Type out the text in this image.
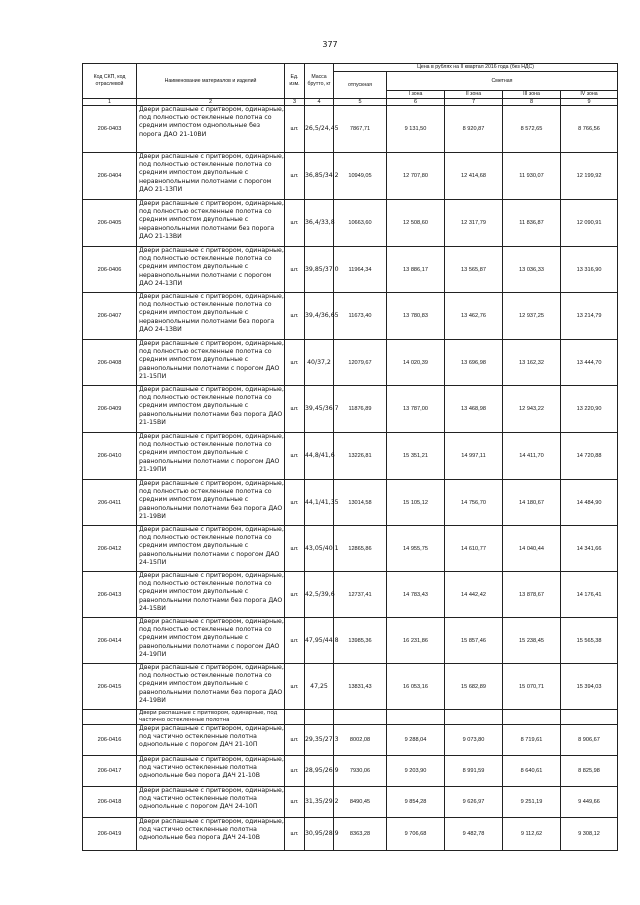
377
Код СКП, код отраслевой	Наименование материалов и изделий	Ед. изм.	Масса брутто, кг	Цена в рублях на II квартал 2016 года (без НДС)				
				отпускная	Сметная			
					I зона	II зона	III зона	IV зона
1	2	3	4	5	6	7	8	9
206-0403	Двери распашные с притвором, одинарные, под полностью остекленные полотна со средним импостом однопольные без порога ДАО 21-10ВИ	шт.	26,5/24,45	7867,71	9 131,50	8 920,87	8 572,65	8 766,56
206-0404	Двери распашные с притвором, одинарные, под полностью остекленные полотна со средним импостом двупольные с неравнопольными полотнами с порогом ДАО 21-13ПИ	шт.	36,85/34,2	10949,05	12 707,80	12 414,68	11 930,07	12 199,92
206-0405	Двери распашные с притвором, одинарные, под полностью остекленные полотна со средним импостом двупольные с неравнопольными полотнами без порога ДАО 21-13ВИ	шт.	36,4/33,8	10663,60	12 508,60	12 317,79	11 836,87	12 090,91
206-0406	Двери распашные с притвором, одинарные, под полностью остекленные полотна со средним импостом двупольные с неравнопольными полотнами с порогом ДАО 24-13ПИ	шт.	39,85/37,0	11964,34	13 886,17	13 565,87	13 036,33	13 316,90
206-0407	Двери распашные с притвором, одинарные, под полностью остекленные полотна со средним импостом двупольные с неравнопольными полотнами без порога ДАО 24-13ВИ	шт.	39,4/36,65	11673,40	13 780,83	13 462,76	12 937,25	13 214,79
206-0408	Двери распашные с притвором, одинарные, под полностью остекленные полотна со средним импостом двупольные с равнопольными полотнами с порогом ДАО 21-15ПИ	шт.	40/37,2	12079,67	14 020,39	13 696,98	13 162,32	13 444,70
206-0409	Двери распашные с притвором, одинарные, под полностью остекленные полотна со средним импостом двупольные с равнопольными полотнами без порога ДАО 21-15ВИ	шт.	39,45/36,7	11876,89	13 787,00	13 468,98	12 943,22	13 220,90
206-0410	Двери распашные с притвором, одинарные, под полностью остекленные полотна со средним импостом двупольные с равнопольными полотнами с порогом ДАО 21-19ПИ	шт.	44,8/41,6	13226,81	15 351,21	14 997,11	14 411,70	14 720,88
206-0411	Двери распашные с притвором, одинарные, под полностью остекленные полотна со средним импостом двупольные с равнопольными полотнами без порога ДАО 21-19ВИ	шт.	44,1/41,35	13014,58	15 105,12	14 756,70	14 180,67	14 484,90
206-0412	Двери распашные с притвором, одинарные, под полностью остекленные полотна со средним импостом двупольные с равнопольными полотнами с порогом ДАО 24-15ПИ	шт.	43,05/40,1	12865,86	14 955,75	14 610,77	14 040,44	14 341,66
206-0413	Двери распашные с притвором, одинарные, под полностью остекленные полотна со средним импостом двупольные с равнопольными полотнами без порога ДАО 24-15ВИ	шт.	42,5/39,6	12737,41	14 783,43	14 442,42	13 878,67	14 176,41
206-0414	Двери распашные с притвором, одинарные, под полностью остекленные полотна со средним импостом двупольные с равнопольными полотнами с порогом ДАО 24-19ПИ	шт.	47,95/44,8	13985,36	16 231,86	15 857,46	15 238,45	15 565,38
206-0415	Двери распашные с притвором, одинарные, под полностью остекленные полотна со средним импостом двупольные с равнопольными полотнами без порога ДАО 24-19ВИ	шт.	47,25	13831,43	16 053,16	15 682,89	15 070,71	15 394,03
	Двери распашные с притвором, одинарные, под частично остекленные полотна							
206-0416	Двери распашные с притвором, одинарные, под частично остекленные полотна однопольные с порогом ДАЧ 21-10П	шт.	29,35/27,3	8002,08	9 288,04	9 073,80	8 719,61	8 906,67
206-0417	Двери распашные с притвором, одинарные, под частично остекленные полотна однопольные без порога ДАЧ 21-10В	шт.	28,95/26,9	7930,06	9 203,90	8 991,59	8 640,61	8 825,98
206-0418	Двери распашные с притвором, одинарные, под частично остекленные полотна однопольные с порогом ДАЧ 24-10П	шт.	31,35/29,2	8490,45	9 854,28	9 626,97	9 251,19	9 449,66
206-0419	Двери распашные с притвором, одинарные, под частично остекленные полотна однопольные без порога ДАЧ 24-10В	шт.	30,95/28,9	8363,28	9 706,68	9 482,78	9 112,62	9 308,12
